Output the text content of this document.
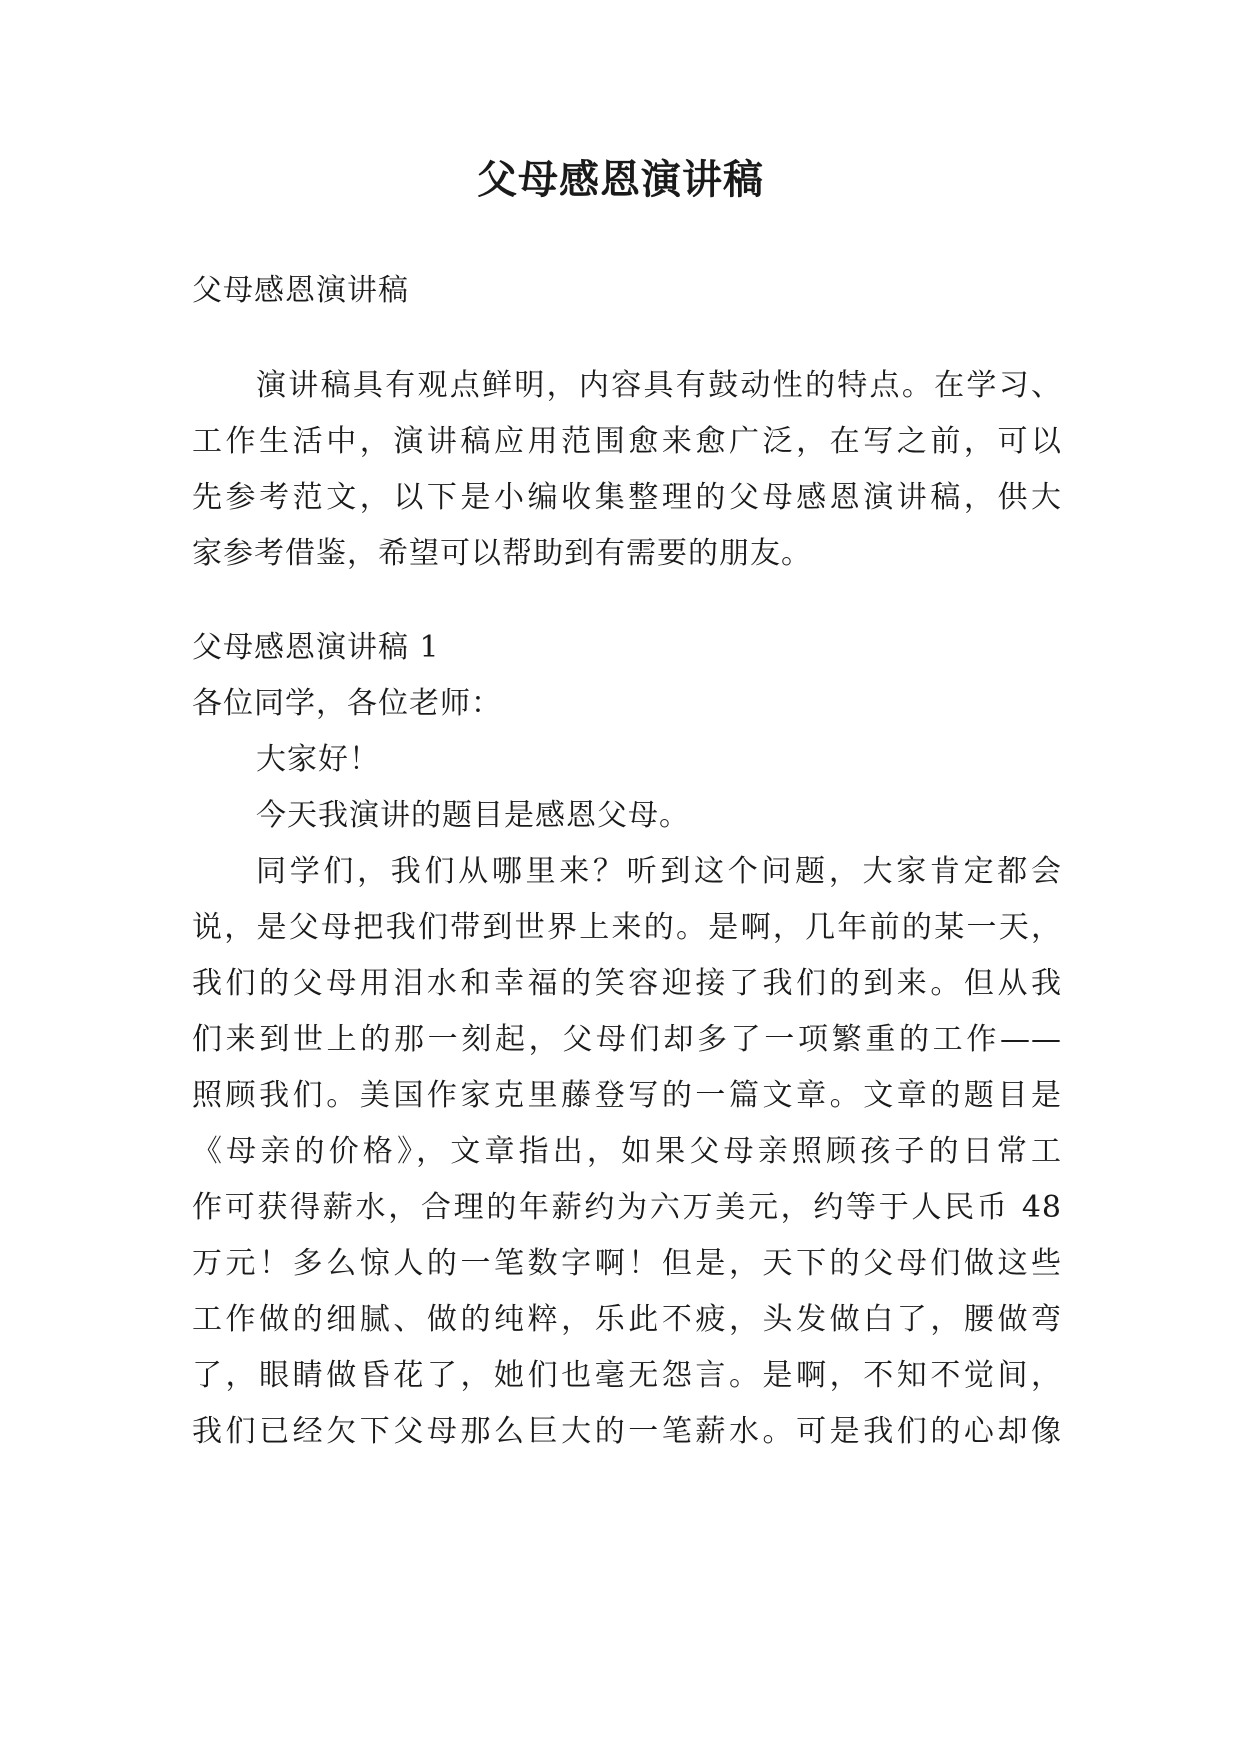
父母感恩演讲稿
父母感恩演讲稿
演讲稿具有观点鲜明，内容具有鼓动性的特点。在学习、
工作生活中，演讲稿应用范围愈来愈广泛，在写之前，可以
先参考范文，以下是小编收集整理的父母感恩演讲稿，供大
家参考借鉴，希望可以帮助到有需要的朋友。
父母感恩演讲稿 1
各位同学，各位老师：
大家好！
今天我演讲的题目是感恩父母。
同学们，我们从哪里来？听到这个问题，大家肯定都会
说，是父母把我们带到世界上来的。是啊，几年前的某一天，
我们的父母用泪水和幸福的笑容迎接了我们的到来。但从我
们来到世上的那一刻起，父母们却多了一项繁重的工作——
照顾我们。美国作家克里藤登写的一篇文章。文章的题目是
《母亲的价格》，文章指出，如果父母亲照顾孩子的日常工
作可获得薪水，合理的年薪约为六万美元，约等于人民币 48
万元！多么惊人的一笔数字啊！但是，天下的父母们做这些
工作做的细腻、做的纯粹，乐此不疲，头发做白了，腰做弯
了，眼睛做昏花了，她们也毫无怨言。是啊，不知不觉间，
我们已经欠下父母那么巨大的一笔薪水。可是我们的心却像
